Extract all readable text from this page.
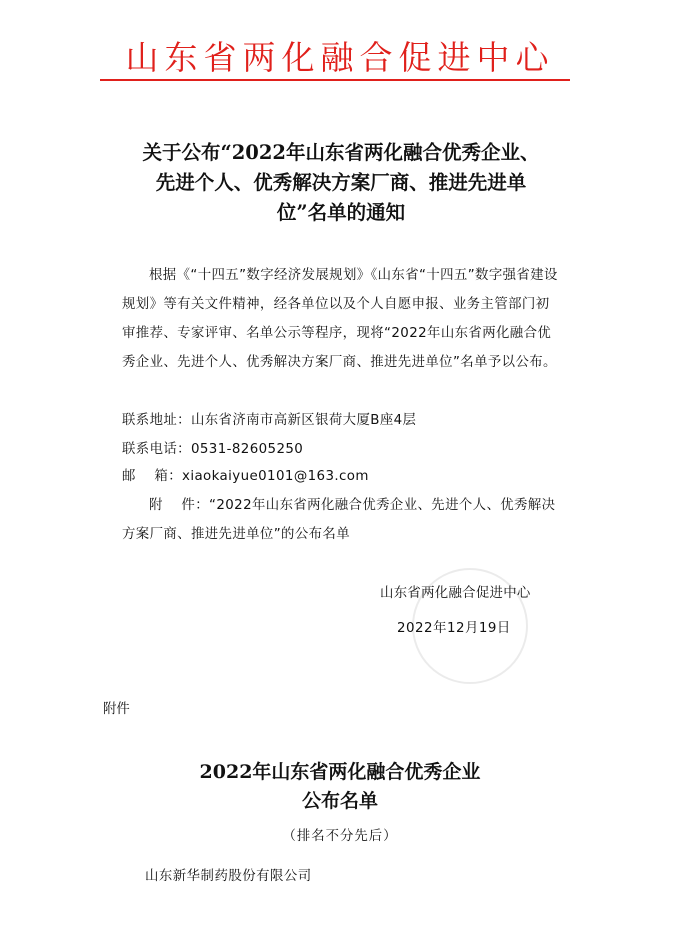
山东省两化融合促进中心
关于公布“2022年山东省两化融合优秀企业、
先进个人、优秀解决方案厂商、推进先进单
位”名单的通知
根据《“十四五”数字经济发展规划》《山东省“十四五”数字强省建设规划》等有关文件精神，经各单位以及个人自愿申报、业务主管部门初审推荐、专家评审、名单公示等程序，现将“2022年山东省两化融合优秀企业、先进个人、优秀解决方案厂商、推进先进单位”名单予以公布。
联系地址：山东省济南市高新区银荷大厦B座4层
联系电话：0531-82605250
邮    箱：xiaokaiyue0101@163.com
附    件：“2022年山东省两化融合优秀企业、先进个人、优秀解决方案厂商、推进先进单位”的公布名单
山东省两化融合促进中心
2022年12月19日
附件
2022年山东省两化融合优秀企业
公布名单
（排名不分先后）
山东新华制药股份有限公司
